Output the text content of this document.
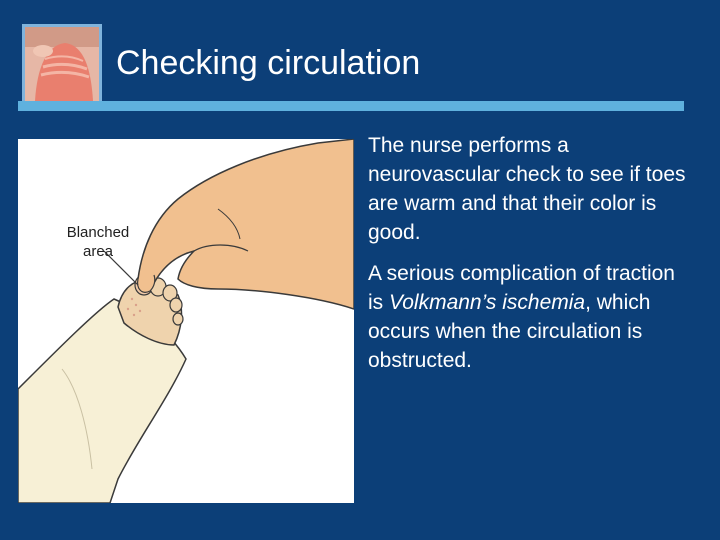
Checking circulation
Blanched
area

The nurse performs a neurovascular check to see if toes are warm and that their color is good.

A serious complication of traction is Volkmann’s ischemia, which occurs when the circulation is obstructed.
